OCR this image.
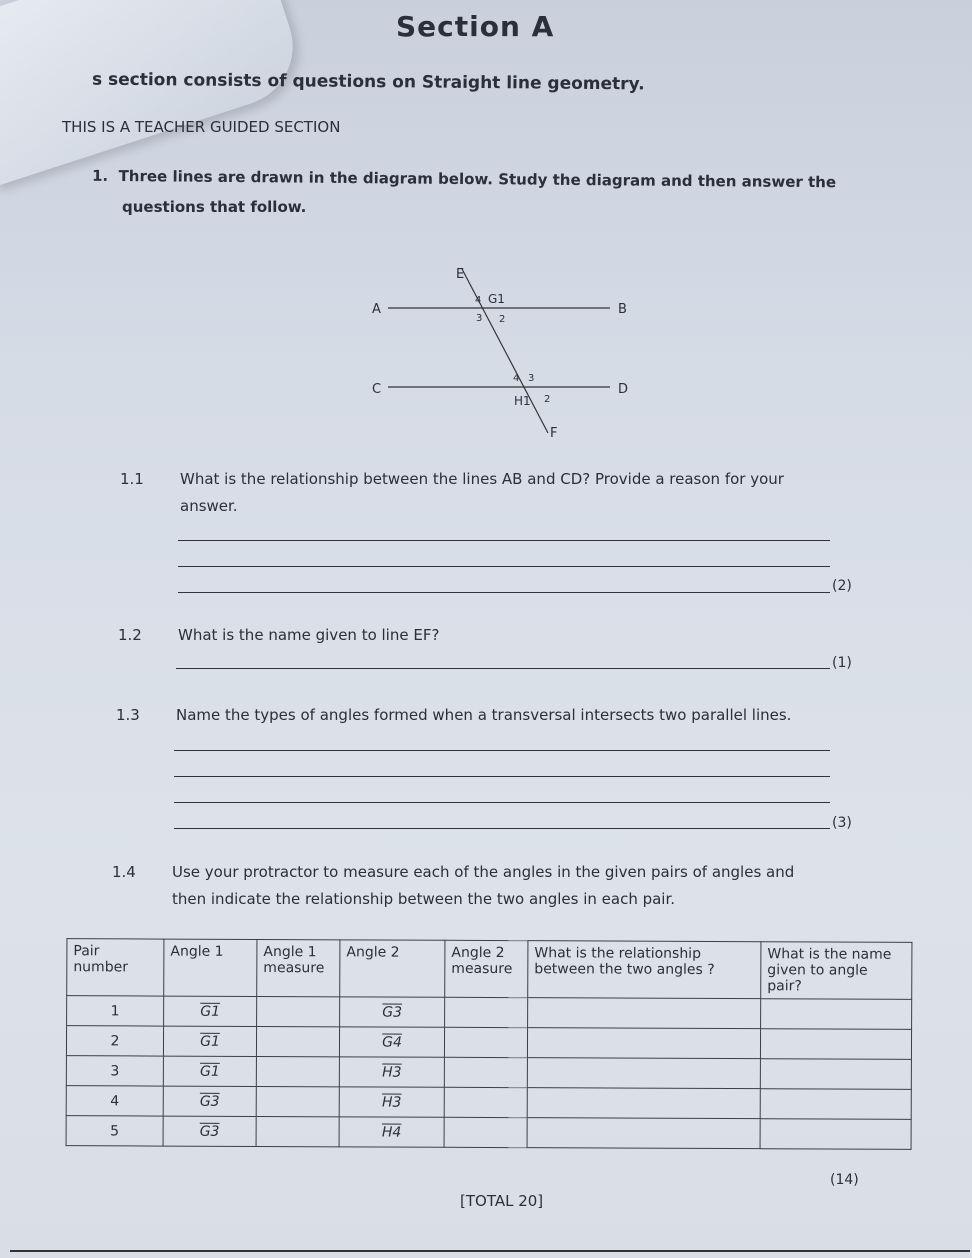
Section A
s section consists of questions on Straight line geometry.
THIS IS A TEACHER GUIDED SECTION
1. Three lines are drawn in the diagram below. Study the diagram and then answer the
questions that follow.
E
A	B
C	D
F
G1
4
3 2
4 3
H1 2
1.1 What is the relationship between the lines AB and CD? Provide a reason for your
answer.
(2)
1.2 What is the name given to line EF?
(1)
1.3 Name the types of angles formed when a transversal intersects two parallel lines.
(3)
1.4 Use your protractor to measure each of the angles in the given pairs of angles and
then indicate the relationship between the two angles in each pair.
Pair number	Angle 1	Angle 1 measure	Angle 2	Angle 2 measure	What is the relationship between the two angles ?	What is the name given to angle pair?
1	G1		G3			
2	G1		G4			
3	G1		H3			
4	G3		H3			
5	G3		H4			
(14)
[TOTAL 20]
